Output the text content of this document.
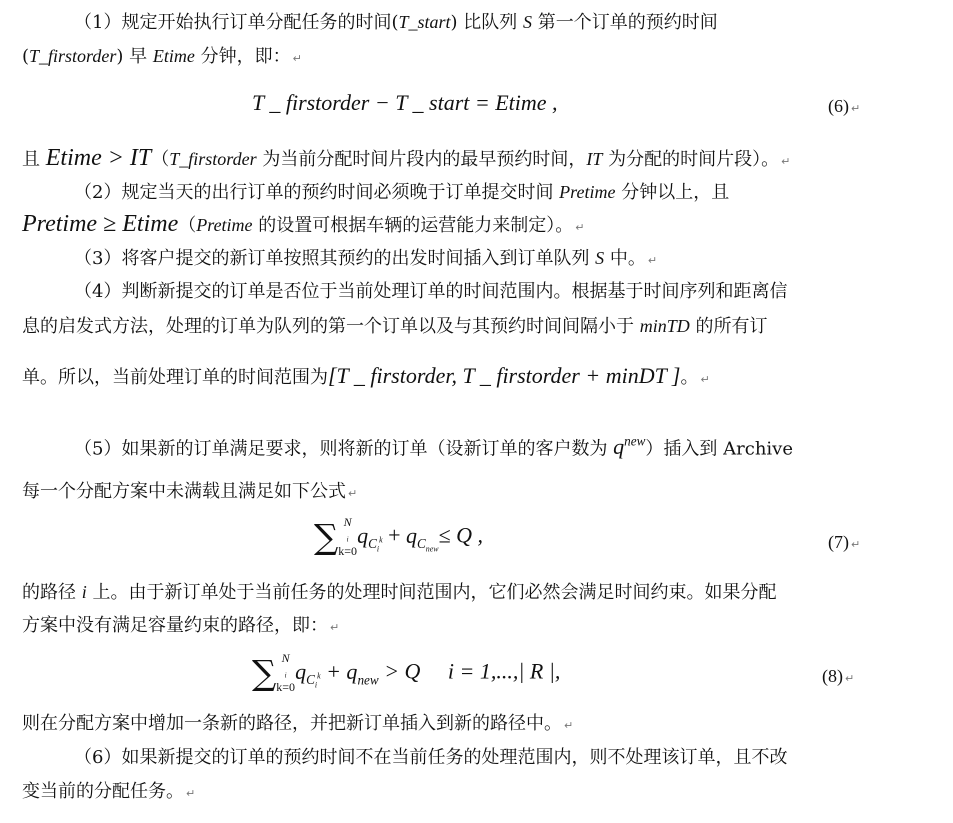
（1）规定开始执行订单分配任务的时间(T_start) 比队列 S 第一个订单的预约时间
(T_firstorder) 早 Etime 分钟，即： ↵
T _ firstorder − T _ start = Etime ,	(6) ↵
且 Etime > IT（T_firstorder 为当前分配时间片段内的最早预约时间，IT 为分配的时间片段）。 ↵
（2）规定当天的出行订单的预约时间必须晚于订单提交时间 Pretime 分钟以上，且
Pretime ≥ Etime（Pretime 的设置可根据车辆的运营能力来制定）。 ↵
（3）将客户提交的新订单按照其预约的出发时间插入到订单队列 S 中。 ↵
（4）判断新提交的订单是否位于当前处理订单的时间范围内。根据基于时间序列和距离信
息的启发式方法，处理的订单为队列的第一个订单以及与其预约时间间隔小于 minTD 的所有订
单。所以，当前处理订单的时间范围为[T _ firstorder, T _ firstorder + minDT ]。 ↵
（5）如果新的订单满足要求，则将新的订单（设新订单的客户数为 $q^{new}$）插入到 Archive
每一个分配方案中未满载且满足如下公式 ↵
∑ N
$_i$
k=0
$q_{C_i^k} + q_{C_{new}}\le Q$ ,	(7) ↵
的路径 i 上。由于新订单处于当前任务的处理时间范围内，它们必然会满足时间约束。如果分配
方案中没有满足容量约束的路径，即： ↵
∑ N
$_i$
k=0
$q_{C_i^k} + q_{new} > Q$     i = 1,...,| R |,	(8) ↵
则在分配方案中增加一条新的路径，并把新订单插入到新的路径中。 ↵
（6）如果新提交的订单的预约时间不在当前任务的处理范围内，则不处理该订单，且不改
变当前的分配任务。 ↵
